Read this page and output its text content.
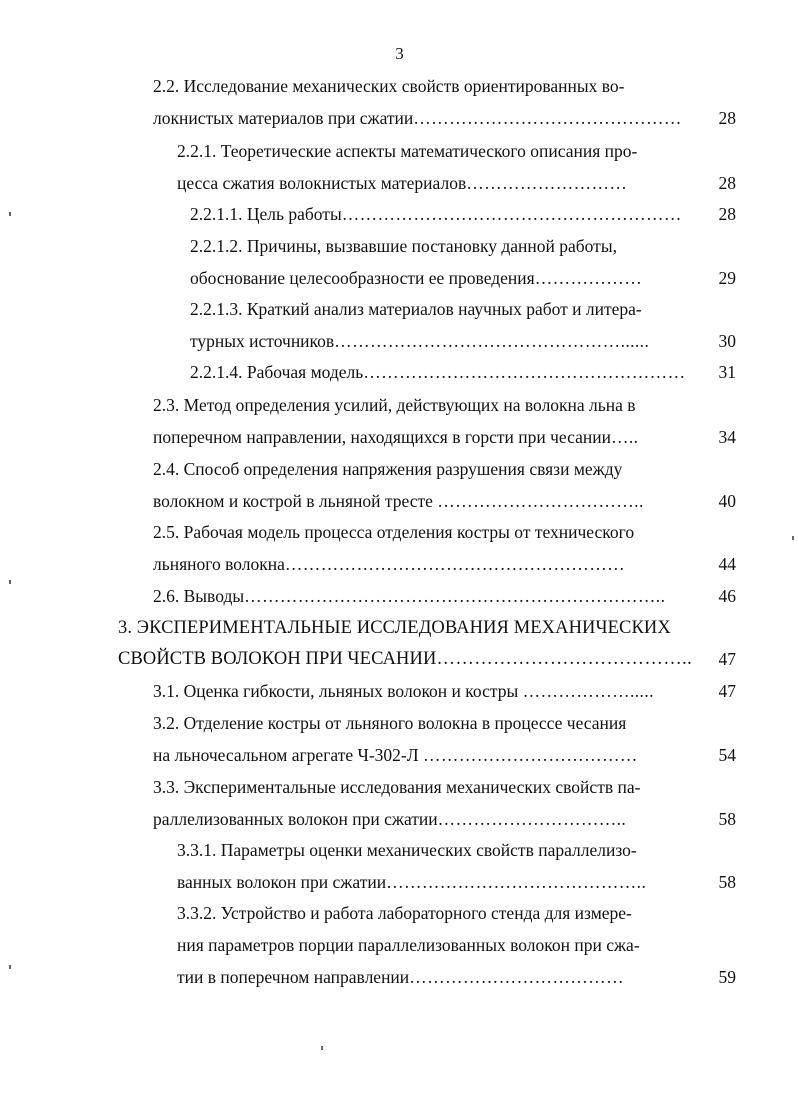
3
2.2. Исследование механических свойств ориентированных во-
локнистых материалов при сжатии………………………………………	28
2.2.1. Теоретические аспекты математического описания про-
цесса сжатия волокнистых материалов………………………	28
2.2.1.1. Цель работы…………………………………………………	28
2.2.1.2. Причины, вызвавшие постановку данной работы,
обоснование целесообразности ее проведения………………	29
2.2.1.3. Краткий анализ материалов научных работ и литера-
турных источников…………………………………………......	30
2.2.1.4. Рабочая модель………………………………………………	31
2.3. Метод определения усилий, действующих на волокна льна в
поперечном направлении, находящихся в горсти при чесании…..	34
2.4. Способ определения напряжения разрушения связи между
волокном и кострой в льняной тресте ……………………………..	40
2.5. Рабочая модель процесса отделения костры от технического
льняного волокна…………………………………………………	44
2.6. Выводы……………………………………………………………..	46
3. ЭКСПЕРИМЕНТАЛЬНЫЕ ИССЛЕДОВАНИЯ МЕХАНИЧЕСКИХ
СВОЙСТВ ВОЛОКОН ПРИ ЧЕСАНИИ…………………………………..	47
3.1. Оценка гибкости, льняных волокон и костры ……………….....	47
3.2. Отделение костры от льняного волокна в процессе чесания
на льночесальном агрегате Ч-302-Л ………………………………	54
3.3. Экспериментальные исследования механических свойств па-
раллелизованных волокон при сжатии…………………………..	58
3.3.1. Параметры оценки механических свойств параллелизо-
ванных волокон при сжатии……………………………………..	58
3.3.2. Устройство и работа лабораторного стенда для измере-
ния параметров порции параллелизованных волокон при сжа-
тии в поперечном направлении………………………………	59
